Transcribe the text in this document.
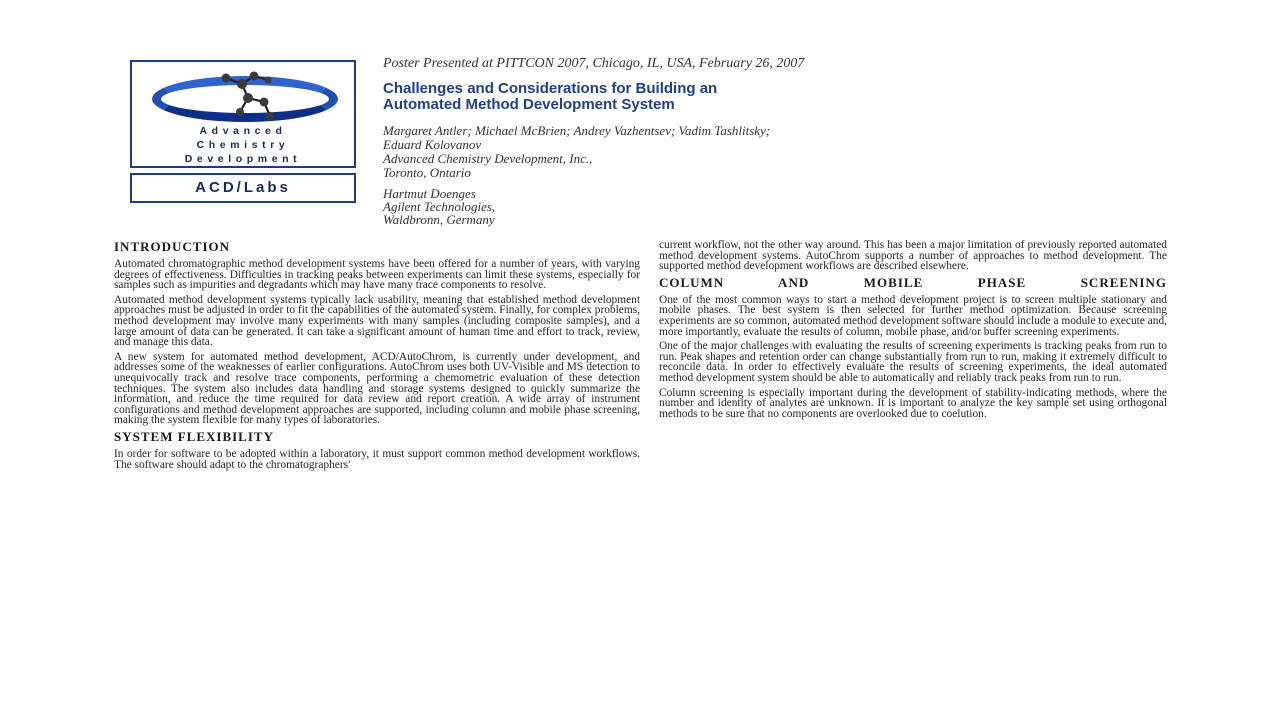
Advanced
Chemistry
Development
ACD/Labs
Poster Presented at PITTCON 2007, Chicago, IL, USA, February 26, 2007
Challenges and Considerations for Building an
Automated Method Development System
Margaret Antler; Michael McBrien; Andrey Vazhentsev; Vadim Tashlitsky;
Eduard Kolovanov
Advanced Chemistry Development, Inc.,
Toronto, Ontario
Hartmut Doenges
Agilent Technologies,
Waldbronn, Germany
INTRODUCTION

Automated chromatographic method development systems have been offered for a number of years, with varying degrees of effectiveness. Difficulties in tracking peaks between experiments can limit these systems, especially for samples such as impurities and degradants which may have many trace components to resolve.

Automated method development systems typically lack usability, meaning that established method development approaches must be adjusted in order to fit the capabilities of the automated system. Finally, for complex problems, method development may involve many experiments with many samples (including composite samples), and a large amount of data can be generated. It can take a significant amount of human time and effort to track, review, and manage this data.

A new system for automated method development, ACD/AutoChrom, is currently under development, and addresses some of the weaknesses of earlier configurations. AutoChrom uses both UV-Visible and MS detection to unequivocally track and resolve trace components, performing a chemometric evaluation of these detection techniques. The system also includes data handling and storage systems designed to quickly summarize the information, and reduce the time required for data review and report creation. A wide array of instrument configurations and method development approaches are supported, including column and mobile phase screening, making the system flexible for many types of laboratories.

SYSTEM FLEXIBILITY

In order for software to be adopted within a laboratory, it must support common method development workflows. The software should adapt to the chromatographers'

current workflow, not the other way around. This has been a major limitation of previously reported automated method development systems. AutoChrom supports a number of approaches to method development. The supported method development workflows are described elsewhere.

COLUMN AND MOBILE PHASE SCREENING

One of the most common ways to start a method development project is to screen multiple stationary and mobile phases. The best system is then selected for further method optimization. Because screening experiments are so common, automated method development software should include a module to execute and, more importantly, evaluate the results of column, mobile phase, and/or buffer screening experiments.

One of the major challenges with evaluating the results of screening experiments is tracking peaks from run to run. Peak shapes and retention order can change substantially from run to run, making it extremely difficult to reconcile data. In order to effectively evaluate the results of screening experiments, the ideal automated method development system should be able to automatically and reliably track peaks from run to run.

Column screening is especially important during the development of stability-indicating methods, where the number and identity of analytes are unknown. It is important to analyze the key sample set using orthogonal methods to be sure that no components are overlooked due to coelution.
